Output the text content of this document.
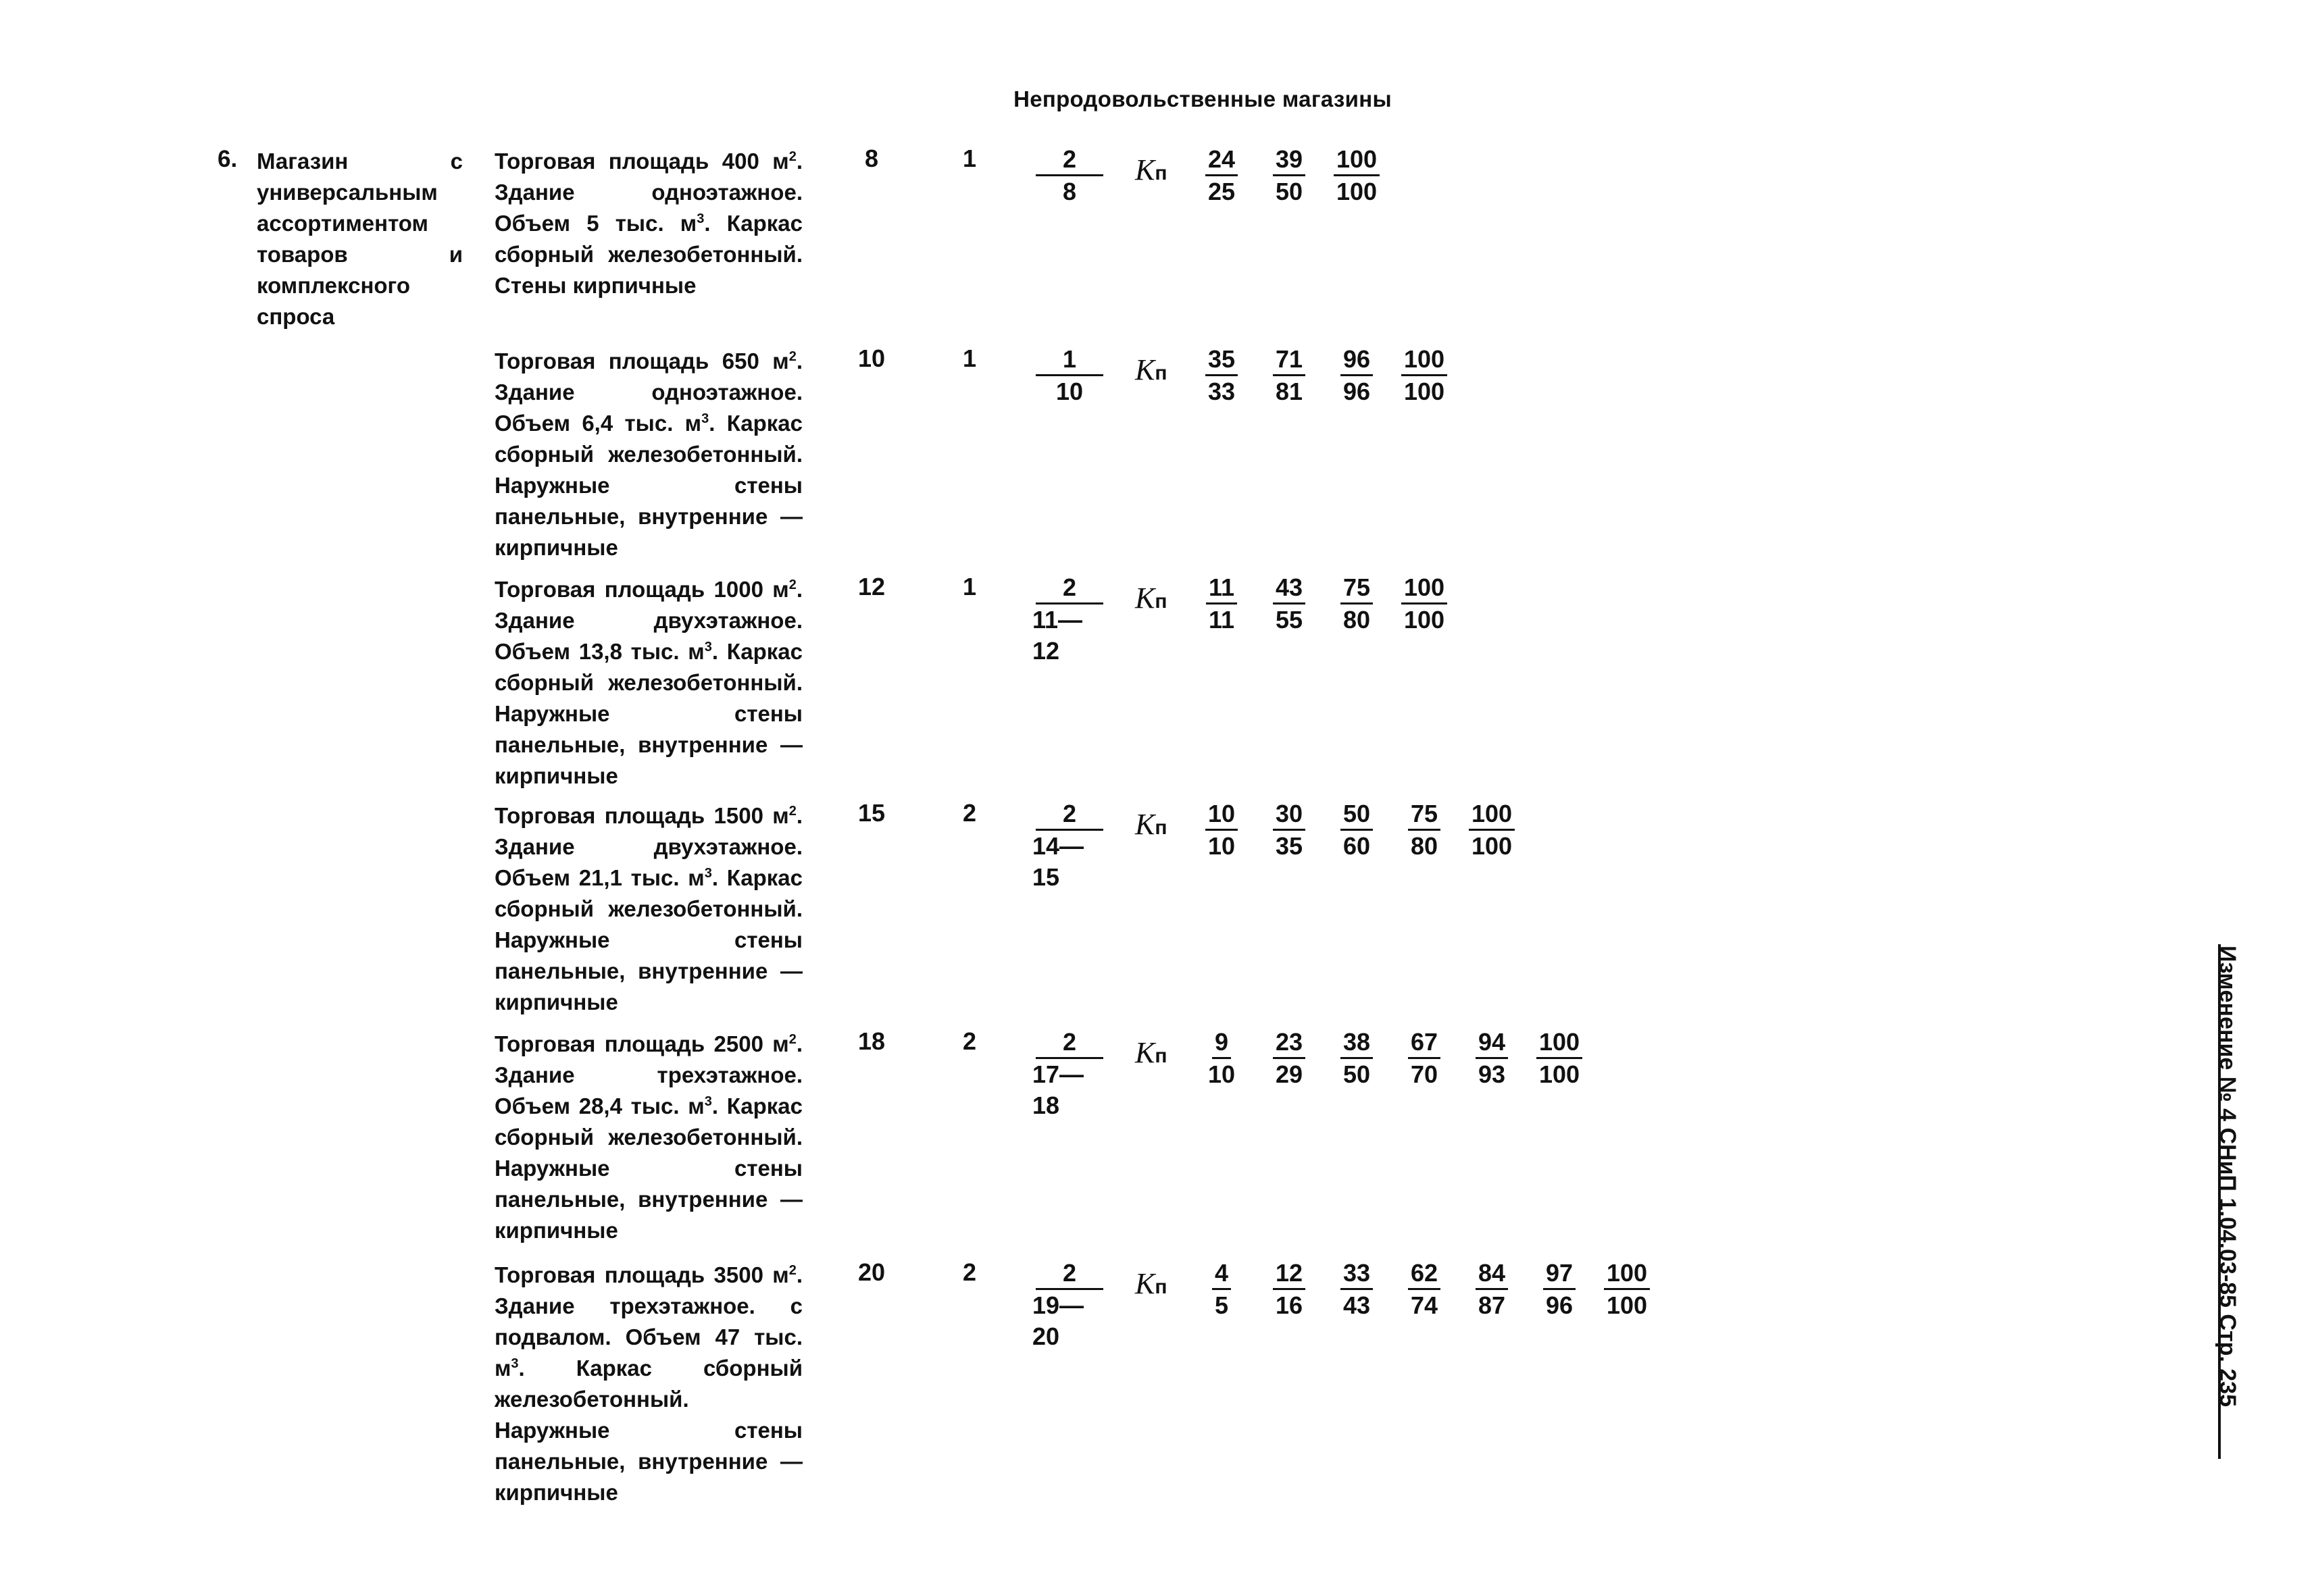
Непродовольственные магазины
6. Магазин с универсальным ассортиментом товаров и комплексного спроса
Торговая площадь 400 $м^2$. Здание одноэтажное. Объем 5 тыс. $м^3$. Каркас сборный железобетонный. Стены кирпичные
8	1	$\frac{2}{8}$ Kп $\frac{24}{25} \frac{39}{50} \frac{100}{100}$
Торговая площадь 650 $м^2$. Здание одноэтажное. Объем 6,4 тыс. $м^3$. Каркас сборный железобетонный. Наружные стены панельные, внутренние — кирпичные
10	1	$\frac{1}{10}$ Kп $\frac{35}{33} \frac{71}{81} \frac{96}{96} \frac{100}{100}$
Торговая площадь 1000 $м^2$. Здание двухэтажное. Объем 13,8 тыс. $м^3$. Каркас сборный железобетонный. Наружные стены панельные, внутренние — кирпичные
12	1	$\frac{2}{11—12}$ Kп $\frac{11}{11} \frac{43}{55} \frac{75}{80} \frac{100}{100}$
Торговая площадь 1500 $м^2$. Здание двухэтажное. Объем 21,1 тыс. $м^3$. Каркас сборный железобетонный. Наружные стены панельные, внутренние — кирпичные
15	2	$\frac{2}{14—15}$ Kп $\frac{10}{10} \frac{30}{35} \frac{50}{60} \frac{75}{80} \frac{100}{100}$
Торговая площадь 2500 $м^2$. Здание трехэтажное. Объем 28,4 тыс. $м^3$. Каркас сборный железобетонный. Наружные стены панельные, внутренние — кирпичные
18	2	$\frac{2}{17—18}$ Kп $\frac{9}{10} \frac{23}{29} \frac{38}{50} \frac{67}{70} \frac{94}{93} \frac{100}{100}$
Торговая площадь 3500 $м^2$. Здание трехэтажное. с подвалом. Объем 47 тыс. $м^3$. Каркас сборный железобетонный. Наружные стены панельные, внутренние — кирпичные
20	2	$\frac{2}{19—20}$ Kп $\frac{4}{5} \frac{12}{16} \frac{33}{43} \frac{62}{74} \frac{84}{87} \frac{97}{96} \frac{100}{100}$	Изменение № 4 СНиП 1.04.03-85 Стр. 235
